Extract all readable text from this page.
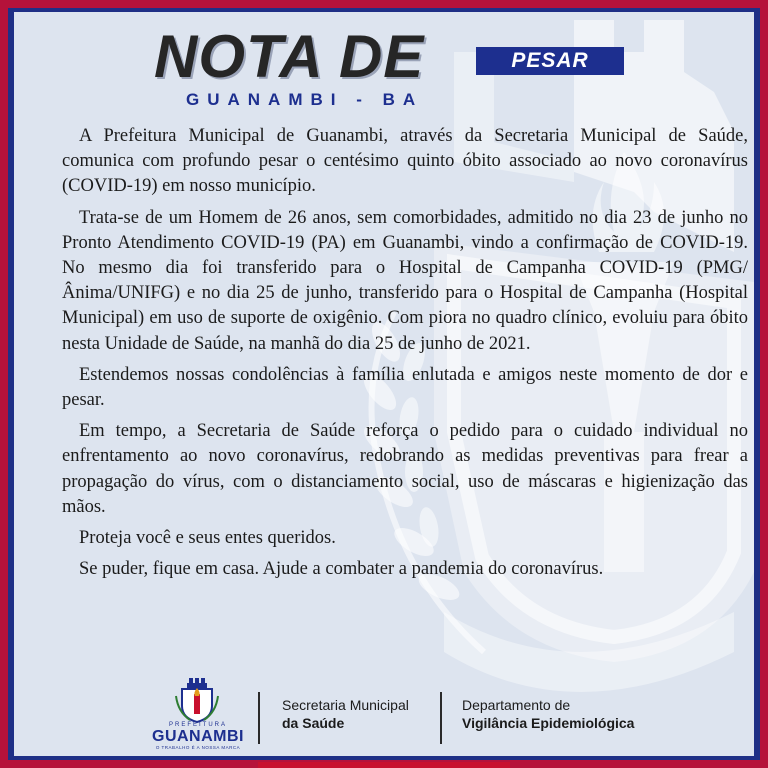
NOTA DE	PESAR
GUANAMBI - BA

A Prefeitura Municipal de Guanambi, através da Secretaria Municipal de Saúde, comunica com profundo pesar o centésimo quinto óbito associado ao novo coronavírus (COVID-19) em nosso município.

Trata-se de um Homem de 26 anos, sem comorbidades, admitido no dia 23 de junho no Pronto Atendimento COVID-19 (PA) em Guanambi, vindo a confirmação de COVID-19. No mesmo dia foi transferido para o Hospital de Campanha COVID-19 (PMG/Ânima/UNIFG) e no dia 25 de junho, transferido para o Hospital de Campanha (Hospital Municipal) em uso de suporte de oxigênio. Com piora no quadro clínico, evoluiu para óbito nesta Unidade de Saúde, na manhã do dia 25 de junho de 2021.

Estendemos nossas condolências à família enlutada e amigos neste momento de dor e pesar.

Em tempo, a Secretaria de Saúde reforça o pedido para o cuidado individual no enfrentamento ao novo coronavírus, redobrando as medidas preventivas para frear a propagação do vírus, com o distanciamento social, uso de máscaras e higienização das mãos.

Proteja você e seus entes queridos.

Se puder, fique em casa. Ajude a combater a pandemia do coronavírus.

PREFEITURA
GUANAMBI
O TRABALHO É A NOSSA MARCA
Secretaria Municipal
da Saúde
Departamento de
Vigilância Epidemiológica
